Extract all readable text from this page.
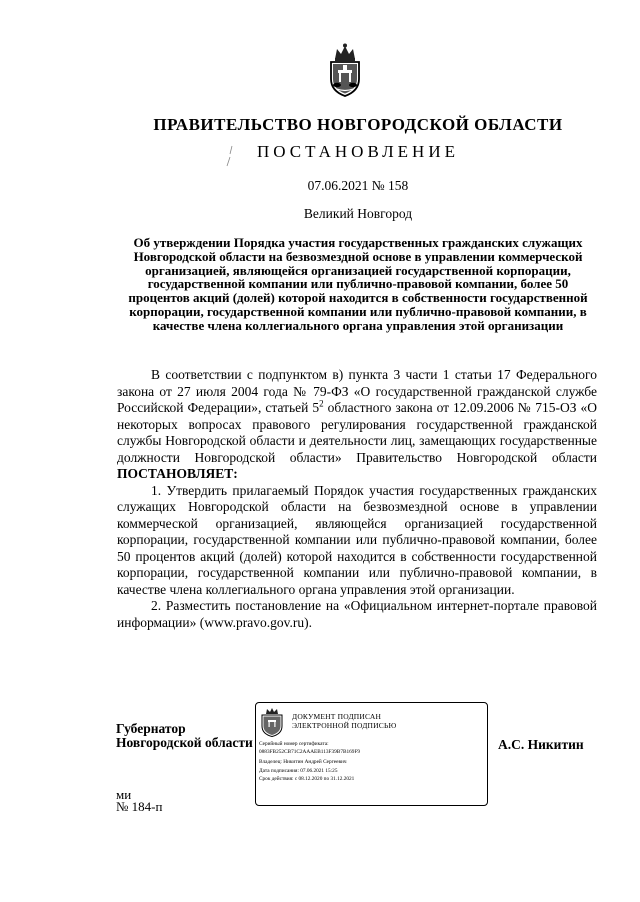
ПРАВИТЕЛЬСТВО НОВГОРОДСКОЙ ОБЛАСТИ
ПОСТАНОВЛЕНИЕ
07.06.2021 № 158
Великий Новгород
Об утверждении Порядка участия государственных гражданских служащих Новгородской области на безвозмездной основе в управлении коммерческой организацией, являющейся организацией государственной корпорации, государственной компании или публично-правовой компании, более 50 процентов акций (долей) которой находится в собственности государственной корпорации, государственной компании или публично-правовой компании, в качестве члена коллегиального органа управления этой организации

В соответствии с подпунктом в) пункта 3 части 1 статьи 17 Федерального закона от 27 июля 2004 года № 79-ФЗ «О государственной гражданской службе Российской Федерации», статьей $5^2$ областного закона от 12.09.2006 № 715-ОЗ «О некоторых вопросах правового регулирования государственной гражданской службы Новгородской области и деятельности лиц, замещающих государственные должности Новгородской области» Правительство Новгородской области ПОСТАНОВЛЯЕТ:

1. Утвердить прилагаемый Порядок участия государственных гражданских служащих Новгородской области на безвозмездной основе в управлении коммерческой организацией, являющейся организацией государственной корпорации, государственной компании или публично-правовой компании, более 50 процентов акций (долей) которой находится в собственности государственной корпорации, государственной компании или публично-правовой компании, в качестве члена коллегиального органа управления этой организации.

2. Разместить постановление на «Официальном интернет-портале правовой информации» (www.pravo.gov.ru).

Губернатор
Новгородской области	А.С. Никитин
ДОКУМЕНТ ПОДПИСАН
ЭЛЕКТРОННОЙ ПОДПИСЬЮ
Серийный номер сертификата:
0883FB252CB71C2AAAEB113F39B7B169F9
Владелец: Никитин Андрей Сергеевич
Дата подписания: 07.06.2021 15:25
Срок действия: с 08.12.2020 по 31.12.2021
ми
№ 184-п
